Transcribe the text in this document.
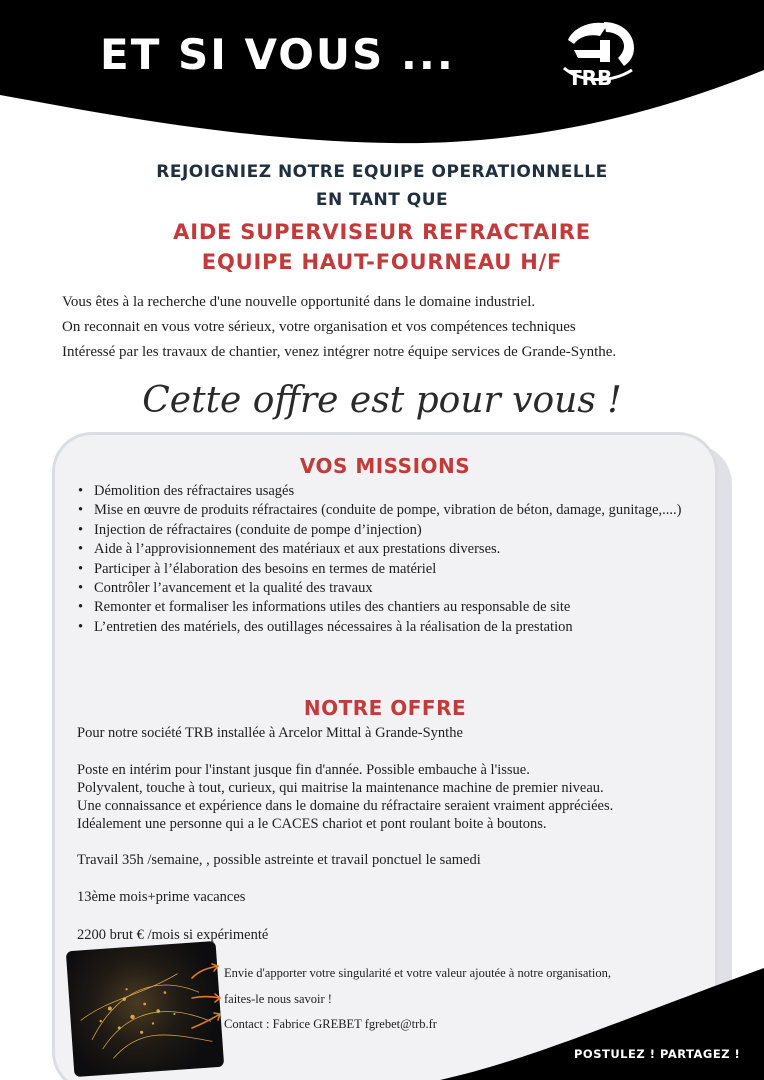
ET SI VOUS ...	TRB
REJOIGNIEZ NOTRE EQUIPE OPERATIONNELLE
EN TANT QUE
AIDE SUPERVISEUR REFRACTAIRE
EQUIPE HAUT-FOURNEAU H/F
Vous êtes à la recherche d'une nouvelle opportunité dans le domaine industriel.
On reconnait en vous votre sérieux, votre organisation et vos compétences techniques
Intéressé par les travaux de chantier, venez intégrer notre équipe services de Grande-Synthe.
Cette offre est pour vous !
VOS MISSIONS
• Démolition des réfractaires usagés
• Mise en œuvre de produits réfractaires (conduite de pompe, vibration de béton, damage, gunitage,....)
• Injection de réfractaires (conduite de pompe d’injection)
• Aide à l’approvisionnement des matériaux et aux prestations diverses.
• Participer à l’élaboration des besoins en termes de matériel
• Contrôler l’avancement et la qualité des travaux
• Remonter et formaliser les informations utiles des chantiers au responsable de site
• L’entretien des matériels, des outillages nécessaires à la réalisation de la prestation
NOTRE OFFRE
Pour notre société TRB installée à Arcelor Mittal à Grande-Synthe
Poste en intérim pour l'instant jusque fin d'année. Possible embauche à l'issue.
Polyvalent, touche à tout, curieux, qui maitrise la maintenance machine de premier niveau.
Une connaissance et expérience dans le domaine du réfractaire seraient vraiment appréciées.
Idéalement une personne qui a le CACES chariot et pont roulant boite à boutons.
Travail 35h /semaine, , possible astreinte et travail ponctuel le samedi
13ème mois+prime vacances
2200 brut € /mois si expérimenté
Envie d'apporter votre singularité et votre valeur ajoutée à notre organisation,
faites-le nous savoir !
Contact : Fabrice GREBET fgrebet@trb.fr
POSTULEZ ! PARTAGEZ !
